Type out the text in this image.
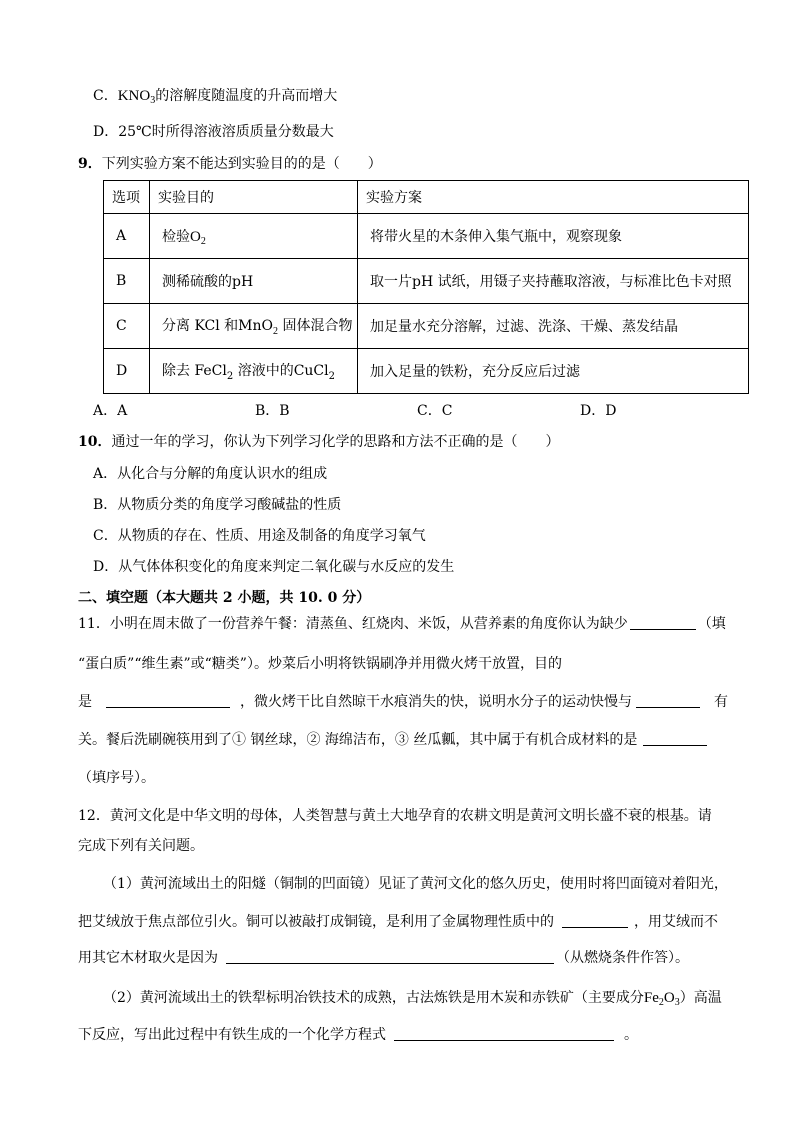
C．$KNO_3$的溶解度随温度的升高而增大
D．25℃时所得溶液溶质质量分数最大
9．下列实验方案不能达到实验目的的是（　　）
选项	实验目的	实验方案
A	检验$O_2$	将带火星的木条伸入集气瓶中，观察现象
B	测稀硫酸的pH	取一片pH 试纸，用镊子夹持蘸取溶液，与标准比色卡对照
C	分离 KCl 和MnO$_2$ 固体混合物	加足量水充分溶解，过滤、洗涤、干燥、蒸发结晶
D	除去 FeCl$_2$ 溶液中的CuCl$_2$	加入足量的铁粉，充分反应后过滤
A．A	B．B	C．C	D．D
10．通过一年的学习，你认为下列学习化学的思路和方法不正确的是（　　）
A．从化合与分解的角度认识水的组成
B．从物质分类的角度学习酸碱盐的性质
C．从物质的存在、性质、用途及制备的角度学习氧气
D．从气体体积变化的角度来判定二氧化碳与水反应的发生
二、填空题（本大题共 2 小题，共 10. 0 分）
11．小明在周末做了一份营养午餐：清蒸鱼、红烧肉、米饭，从营养素的角度你认为缺少	（填
“蛋白质”“维生素”或“糖类”）。炒菜后小明将铁锅刷净并用微火烤干放置，目的
是	，微火烤干比自然晾干水痕消失的快，说明水分子的运动快慢与	有
关。餐后洗刷碗筷用到了① 钢丝球，② 海绵洁布，③ 丝瓜瓤，其中属于有机合成材料的是
（填序号）。
12．黄河文化是中华文明的母体，人类智慧与黄土大地孕育的农耕文明是黄河文明长盛不衰的根基。请
完成下列有关问题。
（1）黄河流域出土的阳燧（铜制的凹面镜）见证了黄河文化的悠久历史，使用时将凹面镜对着阳光，
把艾绒放于焦点部位引火。铜可以被敲打成铜镜，是利用了金属物理性质中的	，用艾绒而不
用其它木材取火是因为	（从燃烧条件作答）。
（2）黄河流域出土的铁犁标明冶铁技术的成熟，古法炼铁是用木炭和赤铁矿（主要成分$Fe_2O_3$）高温
下反应，写出此过程中有铁生成的一个化学方程式	。
